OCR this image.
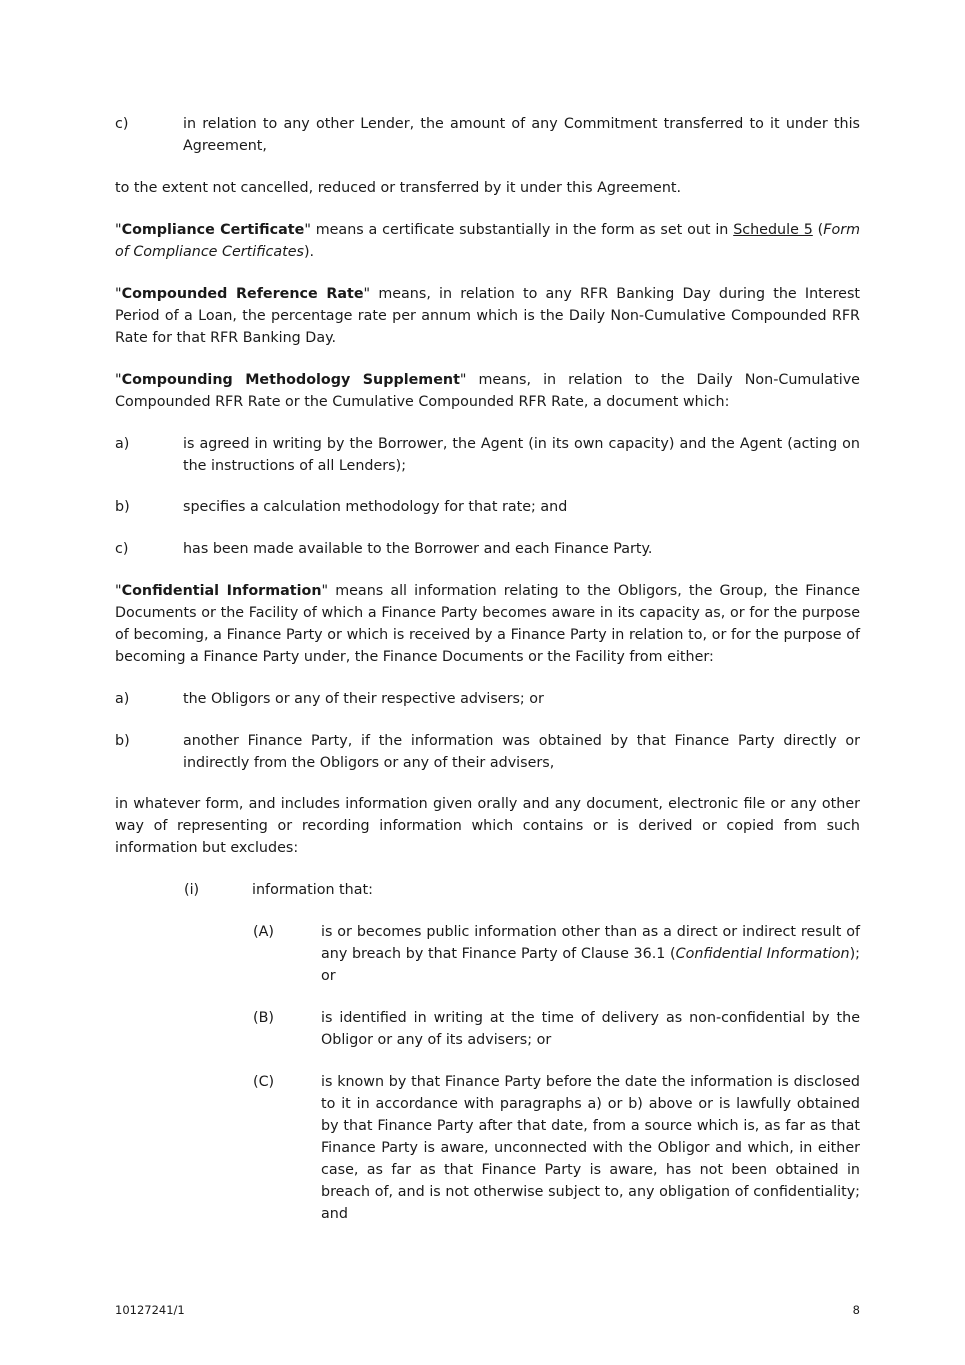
c)	in relation to any other Lender, the amount of any Commitment transferred to it under this Agreement,

to the extent not cancelled, reduced or transferred by it under this Agreement.

"Compliance Certificate" means a certificate substantially in the form as set out in Schedule 5 (Form of Compliance Certificates).

"Compounded Reference Rate" means, in relation to any RFR Banking Day during the Interest Period of a Loan, the percentage rate per annum which is the Daily Non-Cumulative Compounded RFR Rate for that RFR Banking Day.

"Compounding Methodology Supplement" means, in relation to the Daily Non-Cumulative Compounded RFR Rate or the Cumulative Compounded RFR Rate, a document which:

a)	is agreed in writing by the Borrower, the Agent (in its own capacity) and the Agent (acting on the instructions of all Lenders);
b)	specifies a calculation methodology for that rate; and
c)	has been made available to the Borrower and each Finance Party.

"Confidential Information" means all information relating to the Obligors, the Group, the Finance Documents or the Facility of which a Finance Party becomes aware in its capacity as, or for the purpose of becoming, a Finance Party or which is received by a Finance Party in relation to, or for the purpose of becoming a Finance Party under, the Finance Documents or the Facility from either:

a)	the Obligors or any of their respective advisers; or
b)	another Finance Party, if the information was obtained by that Finance Party directly or indirectly from the Obligors or any of their advisers,

in whatever form, and includes information given orally and any document, electronic file or any other way of representing or recording information which contains or is derived or copied from such information but excludes:

(i)	information that:
(A)	is or becomes public information other than as a direct or indirect result of any breach by that Finance Party of Clause 36.1 (Confidential Information); or
(B)	is identified in writing at the time of delivery as non-confidential by the Obligor or any of its advisers; or
(C)	is known by that Finance Party before the date the information is disclosed to it in accordance with paragraphs a) or b) above or is lawfully obtained by that Finance Party after that date, from a source which is, as far as that Finance Party is aware, unconnected with the Obligor and which, in either case, as far as that Finance Party is aware, has not been obtained in breach of, and is not otherwise subject to, any obligation of confidentiality; and
10127241/1	8
